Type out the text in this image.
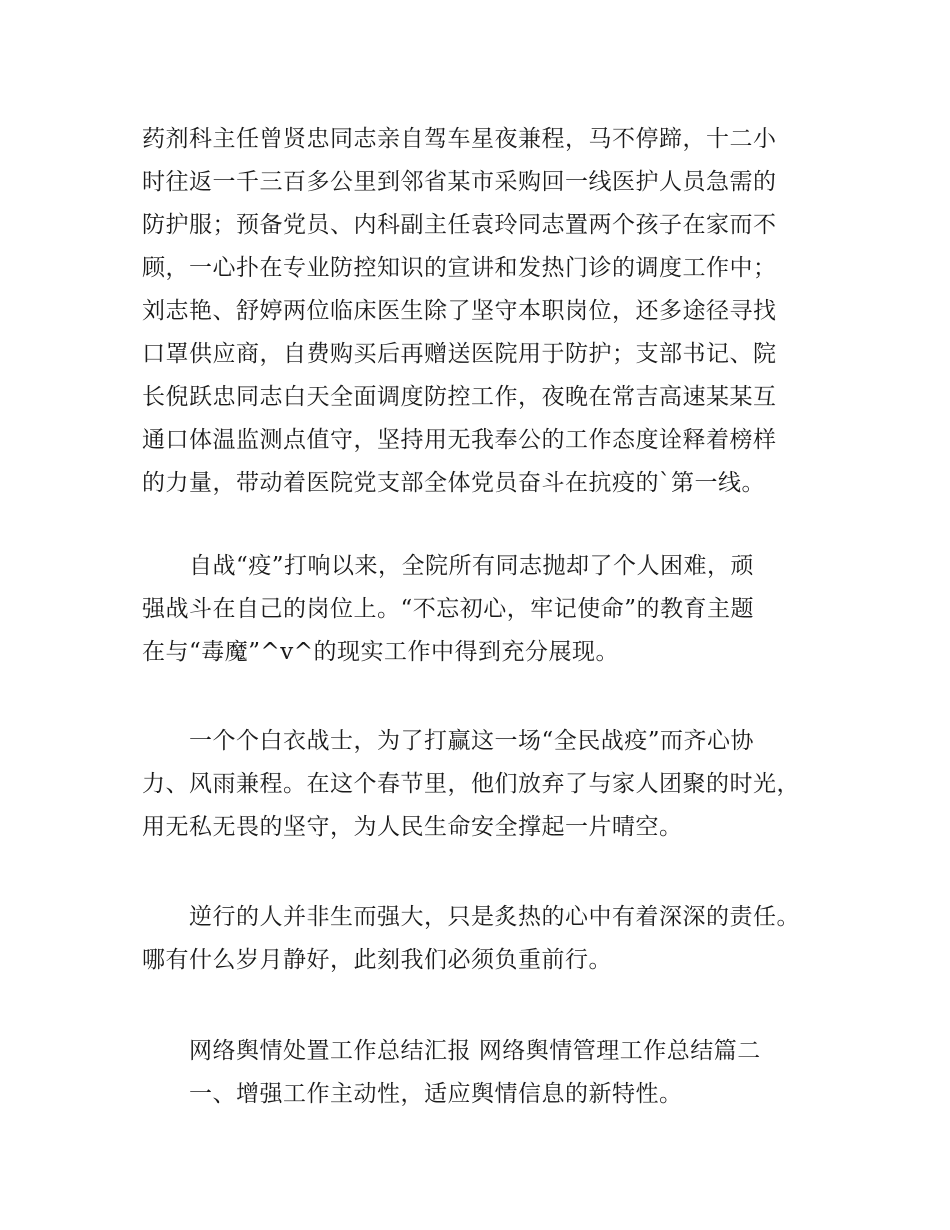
药剂科主任曾贤忠同志亲自驾车星夜兼程，马不停蹄，十二小
时往返一千三百多公里到邻省某市采购回一线医护人员急需的
防护服；预备党员、内科副主任袁玲同志置两个孩子在家而不
顾，一心扑在专业防控知识的宣讲和发热门诊的调度工作中；
刘志艳、舒婷两位临床医生除了坚守本职岗位，还多途径寻找
口罩供应商，自费购买后再赠送医院用于防护；支部书记、院
长倪跃忠同志白天全面调度防控工作，夜晚在常吉高速某某互
通口体温监测点值守，坚持用无我奉公的工作态度诠释着榜样
的力量，带动着医院党支部全体党员奋斗在抗疫的`第一线。

　　自战“疫”打响以来，全院所有同志抛却了个人困难，顽
强战斗在自己的岗位上。“不忘初心，牢记使命”的教育主题
在与“毒魔”^v^的现实工作中得到充分展现。

　　一个个白衣战士，为了打赢这一场“全民战疫”而齐心协
力、风雨兼程。在这个春节里，他们放弃了与家人团聚的时光，
用无私无畏的坚守，为人民生命安全撑起一片晴空。

　　逆行的人并非生而强大，只是炙热的心中有着深深的责任。
哪有什么岁月静好，此刻我们必须负重前行。

　　网络舆情处置工作总结汇报 网络舆情管理工作总结篇二
　　一、增强工作主动性，适应舆情信息的新特性。
